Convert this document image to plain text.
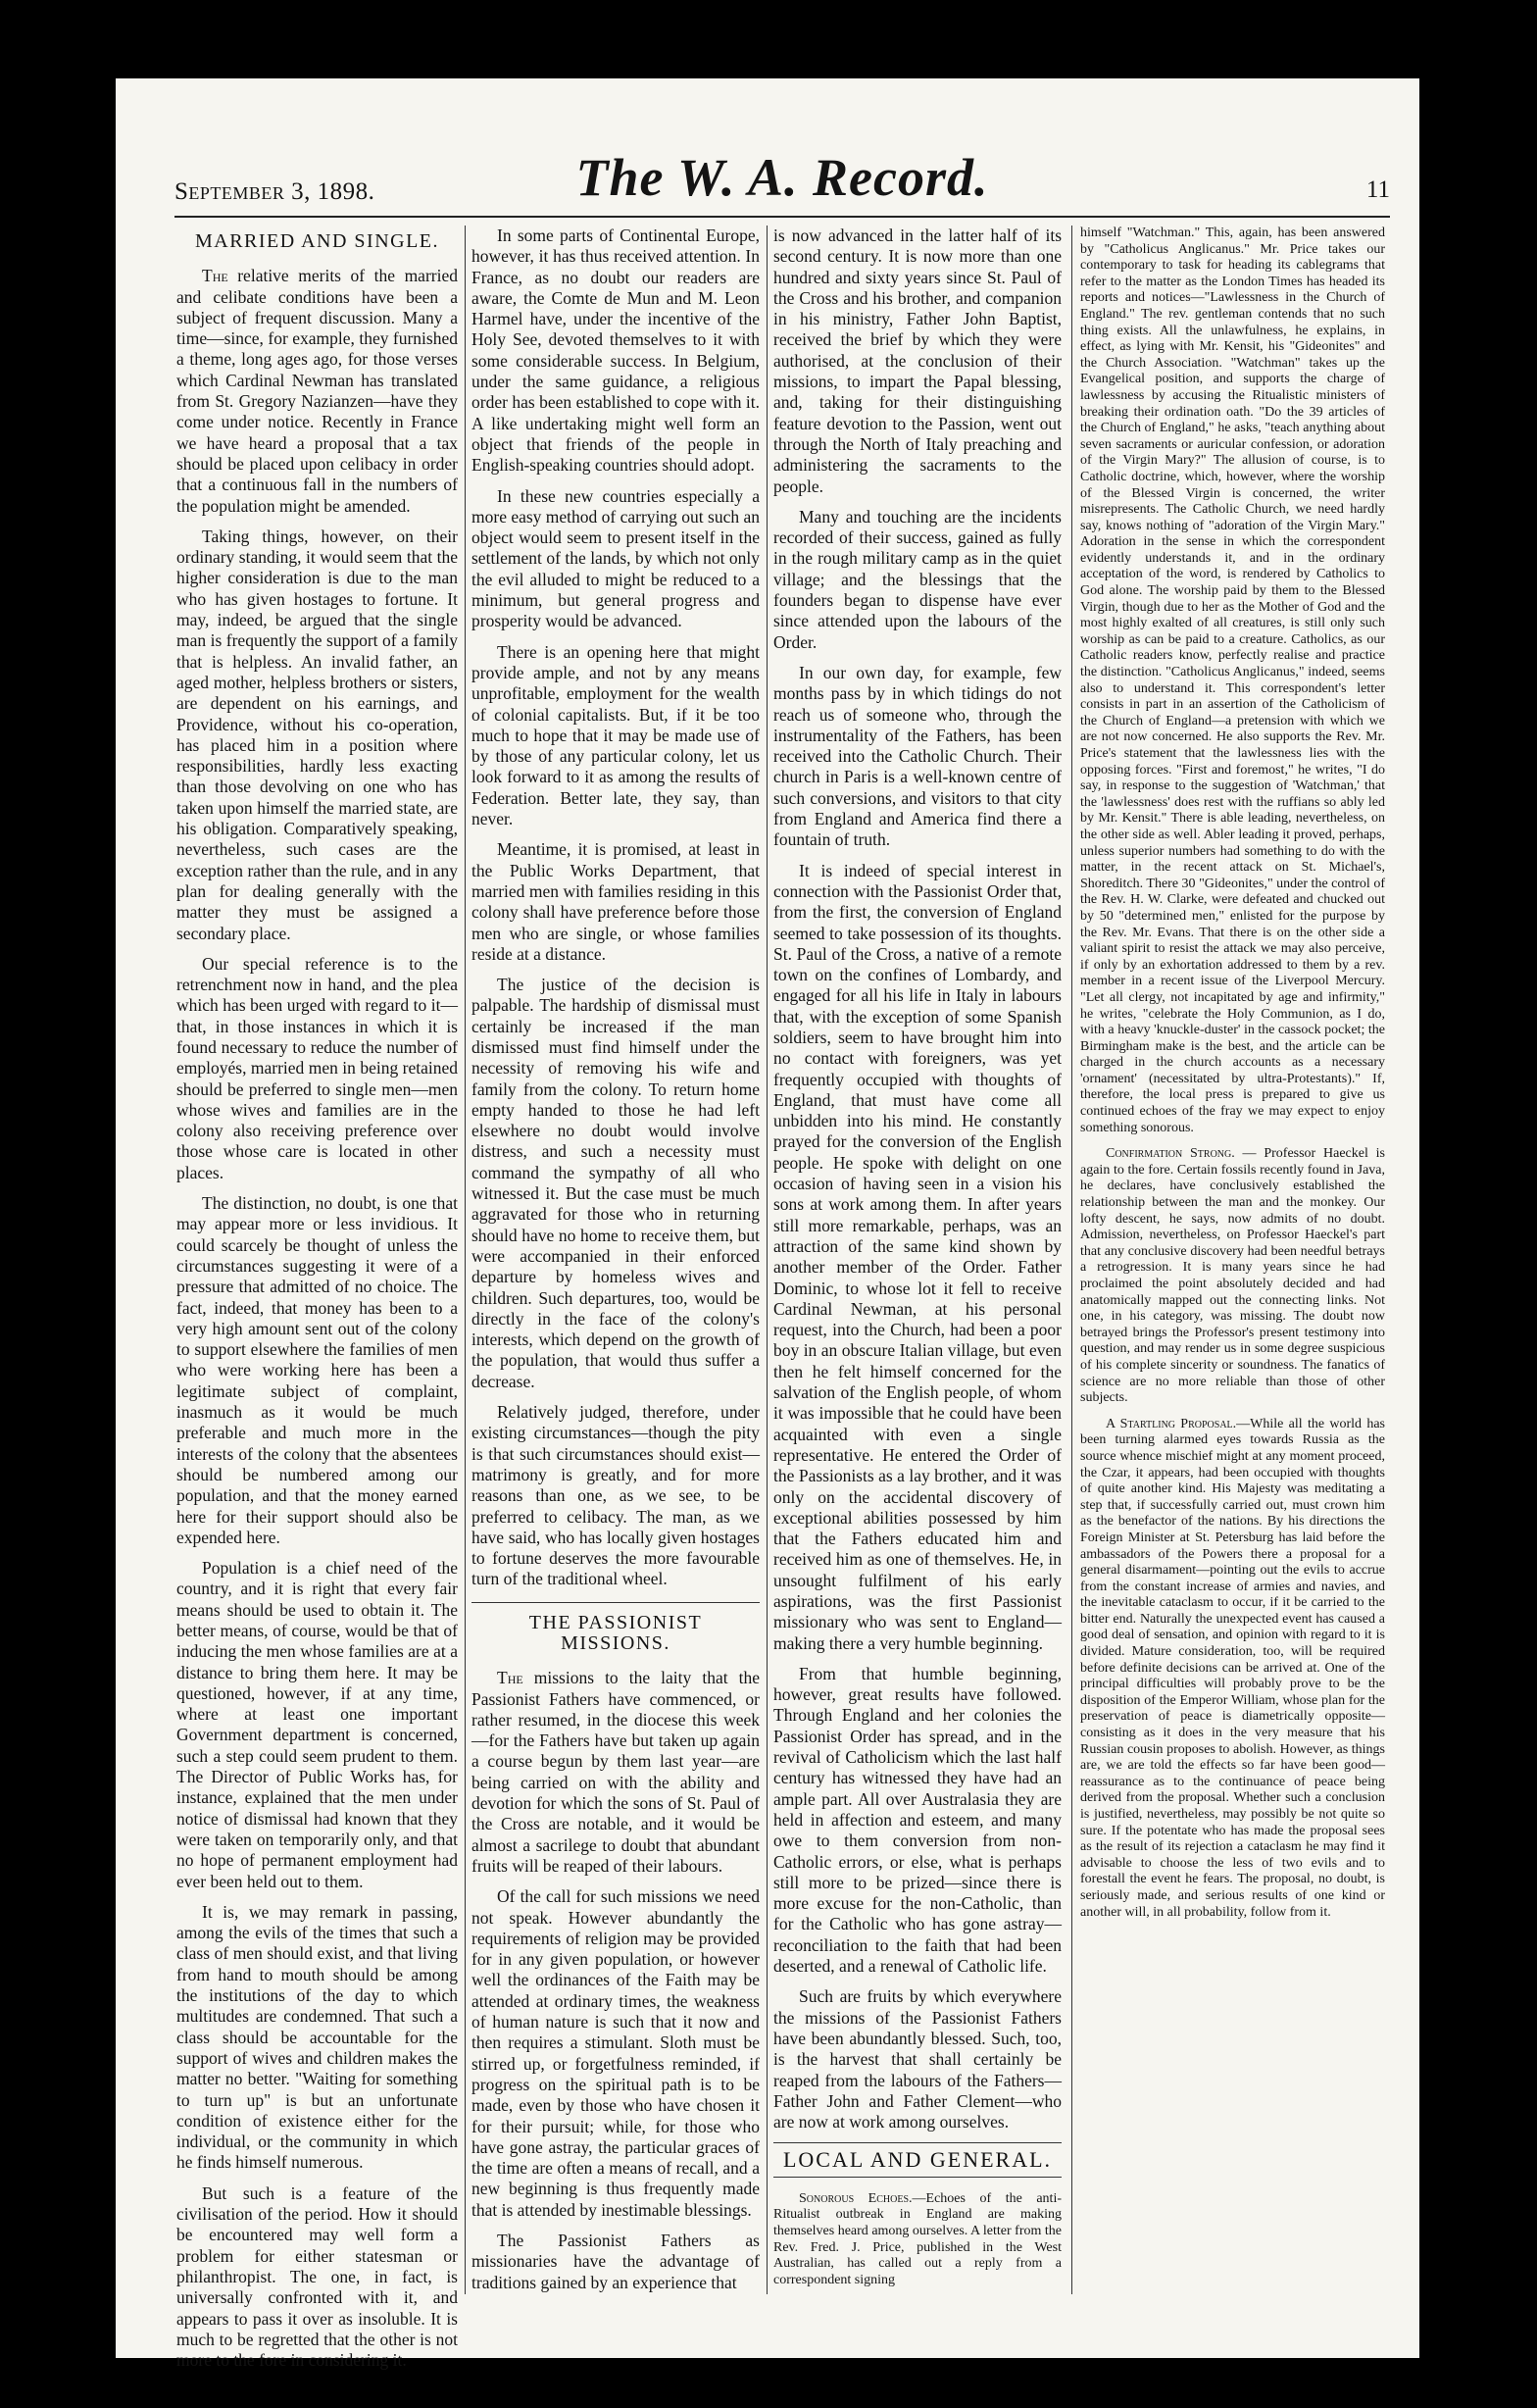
September 3, 1898.	The W. A. Record.	11
MARRIED AND SINGLE.

The relative merits of the married and celibate conditions have been a subject of frequent discussion. Many a time—since, for example, they furnished a theme, long ages ago, for those verses which Cardinal Newman has translated from St. Gregory Nazianzen—have they come under notice. Recently in France we have heard a proposal that a tax should be placed upon celibacy in order that a continuous fall in the numbers of the population might be amended.

Taking things, however, on their ordinary standing, it would seem that the higher consideration is due to the man who has given hostages to fortune. It may, indeed, be argued that the single man is frequently the support of a family that is helpless. An invalid father, an aged mother, helpless brothers or sisters, are dependent on his earnings, and Providence, without his co-operation, has placed him in a position where responsibilities, hardly less exacting than those devolving on one who has taken upon himself the married state, are his obligation. Comparatively speaking, nevertheless, such cases are the exception rather than the rule, and in any plan for dealing generally with the matter they must be assigned a secondary place.

Our special reference is to the retrenchment now in hand, and the plea which has been urged with regard to it—that, in those instances in which it is found necessary to reduce the number of employés, married men in being retained should be preferred to single men—men whose wives and families are in the colony also receiving preference over those whose care is located in other places.

The distinction, no doubt, is one that may appear more or less invidious. It could scarcely be thought of unless the circumstances suggesting it were of a pressure that admitted of no choice. The fact, indeed, that money has been to a very high amount sent out of the colony to support elsewhere the families of men who were working here has been a legitimate subject of complaint, inasmuch as it would be much preferable and much more in the interests of the colony that the absentees should be numbered among our population, and that the money earned here for their support should also be expended here.

Population is a chief need of the country, and it is right that every fair means should be used to obtain it. The better means, of course, would be that of inducing the men whose families are at a distance to bring them here. It may be questioned, however, if at any time, where at least one important Government department is concerned, such a step could seem prudent to them. The Director of Public Works has, for instance, explained that the men under notice of dismissal had known that they were taken on temporarily only, and that no hope of permanent employment had ever been held out to them.

It is, we may remark in passing, among the evils of the times that such a class of men should exist, and that living from hand to mouth should be among the institutions of the day to which multitudes are condemned. That such a class should be accountable for the support of wives and children makes the matter no better. "Waiting for something to turn up" is but an unfortunate condition of existence either for the individual, or the community in which he finds himself numerous.

But such is a feature of the civilisation of the period. How it should be encountered may well form a problem for either statesman or philanthropist. The one, in fact, is universally confronted with it, and appears to pass it over as insoluble. It is much to be regretted that the other is not more to the fore in considering it.

In some parts of Continental Europe, however, it has thus received attention. In France, as no doubt our readers are aware, the Comte de Mun and M. Leon Harmel have, under the incentive of the Holy See, devoted themselves to it with some considerable success. In Belgium, under the same guidance, a religious order has been established to cope with it. A like undertaking might well form an object that friends of the people in English-speaking countries should adopt.

In these new countries especially a more easy method of carrying out such an object would seem to present itself in the settlement of the lands, by which not only the evil alluded to might be reduced to a minimum, but general progress and prosperity would be advanced.

There is an opening here that might provide ample, and not by any means unprofitable, employment for the wealth of colonial capitalists. But, if it be too much to hope that it may be made use of by those of any particular colony, let us look forward to it as among the results of Federation. Better late, they say, than never.

Meantime, it is promised, at least in the Public Works Department, that married men with families residing in this colony shall have preference before those men who are single, or whose families reside at a distance.

The justice of the decision is palpable. The hardship of dismissal must certainly be increased if the man dismissed must find himself under the necessity of removing his wife and family from the colony. To return home empty handed to those he had left elsewhere no doubt would involve distress, and such a necessity must command the sympathy of all who witnessed it. But the case must be much aggravated for those who in returning should have no home to receive them, but were accompanied in their enforced departure by homeless wives and children. Such departures, too, would be directly in the face of the colony's interests, which depend on the growth of the population, that would thus suffer a decrease.

Relatively judged, therefore, under existing circumstances—though the pity is that such circumstances should exist—matrimony is greatly, and for more reasons than one, as we see, to be preferred to celibacy. The man, as we have said, who has locally given hostages to fortune deserves the more favourable turn of the traditional wheel.

THE PASSIONIST MISSIONS.

The missions to the laity that the Passionist Fathers have commenced, or rather resumed, in the diocese this week—for the Fathers have but taken up again a course begun by them last year—are being carried on with the ability and devotion for which the sons of St. Paul of the Cross are notable, and it would be almost a sacrilege to doubt that abundant fruits will be reaped of their labours.

Of the call for such missions we need not speak. However abundantly the requirements of religion may be provided for in any given population, or however well the ordinances of the Faith may be attended at ordinary times, the weakness of human nature is such that it now and then requires a stimulant. Sloth must be stirred up, or forgetfulness reminded, if progress on the spiritual path is to be made, even by those who have chosen it for their pursuit; while, for those who have gone astray, the particular graces of the time are often a means of recall, and a new beginning is thus frequently made that is attended by inestimable blessings.

The Passionist Fathers as missionaries have the advantage of traditions gained by an experience that

is now advanced in the latter half of its second century. It is now more than one hundred and sixty years since St. Paul of the Cross and his brother, and companion in his ministry, Father John Baptist, received the brief by which they were authorised, at the conclusion of their missions, to impart the Papal blessing, and, taking for their distinguishing feature devotion to the Passion, went out through the North of Italy preaching and administering the sacraments to the people.

Many and touching are the incidents recorded of their success, gained as fully in the rough military camp as in the quiet village; and the blessings that the founders began to dispense have ever since attended upon the labours of the Order.

In our own day, for example, few months pass by in which tidings do not reach us of someone who, through the instrumentality of the Fathers, has been received into the Catholic Church. Their church in Paris is a well-known centre of such conversions, and visitors to that city from England and America find there a fountain of truth.

It is indeed of special interest in connection with the Passionist Order that, from the first, the conversion of England seemed to take possession of its thoughts. St. Paul of the Cross, a native of a remote town on the confines of Lombardy, and engaged for all his life in Italy in labours that, with the exception of some Spanish soldiers, seem to have brought him into no contact with foreigners, was yet frequently occupied with thoughts of England, that must have come all unbidden into his mind. He constantly prayed for the conversion of the English people. He spoke with delight on one occasion of having seen in a vision his sons at work among them. In after years still more remarkable, perhaps, was an attraction of the same kind shown by another member of the Order. Father Dominic, to whose lot it fell to receive Cardinal Newman, at his personal request, into the Church, had been a poor boy in an obscure Italian village, but even then he felt himself concerned for the salvation of the English people, of whom it was impossible that he could have been acquainted with even a single representative. He entered the Order of the Passionists as a lay brother, and it was only on the accidental discovery of exceptional abilities possessed by him that the Fathers educated him and received him as one of themselves. He, in unsought fulfilment of his early aspirations, was the first Passionist missionary who was sent to England—making there a very humble beginning.

From that humble beginning, however, great results have followed. Through England and her colonies the Passionist Order has spread, and in the revival of Catholicism which the last half century has witnessed they have had an ample part. All over Australasia they are held in affection and esteem, and many owe to them conversion from non-Catholic errors, or else, what is perhaps still more to be prized—since there is more excuse for the non-Catholic, than for the Catholic who has gone astray—reconciliation to the faith that had been deserted, and a renewal of Catholic life.

Such are fruits by which everywhere the missions of the Passionist Fathers have been abundantly blessed. Such, too, is the harvest that shall certainly be reaped from the labours of the Fathers—Father John and Father Clement—who are now at work among ourselves.

LOCAL AND GENERAL.

Sonorous Echoes.—Echoes of the anti-Ritualist outbreak in England are making themselves heard among ourselves. A letter from the Rev. Fred. J. Price, published in the West Australian, has called out a reply from a correspondent signing

himself "Watchman." This, again, has been answered by "Catholicus Anglicanus." Mr. Price takes our contemporary to task for heading its cablegrams that refer to the matter as the London Times has headed its reports and notices—"Lawlessness in the Church of England." The rev. gentleman contends that no such thing exists. All the unlawfulness, he explains, in effect, as lying with Mr. Kensit, his "Gideonites" and the Church Association. "Watchman" takes up the Evangelical position, and supports the charge of lawlessness by accusing the Ritualistic ministers of breaking their ordination oath. "Do the 39 articles of the Church of England," he asks, "teach anything about seven sacraments or auricular confession, or adoration of the Virgin Mary?" The allusion of course, is to Catholic doctrine, which, however, where the worship of the Blessed Virgin is concerned, the writer misrepresents. The Catholic Church, we need hardly say, knows nothing of "adoration of the Virgin Mary." Adoration in the sense in which the correspondent evidently understands it, and in the ordinary acceptation of the word, is rendered by Catholics to God alone. The worship paid by them to the Blessed Virgin, though due to her as the Mother of God and the most highly exalted of all creatures, is still only such worship as can be paid to a creature. Catholics, as our Catholic readers know, perfectly realise and practice the distinction. "Catholicus Anglicanus," indeed, seems also to understand it. This correspondent's letter consists in part in an assertion of the Catholicism of the Church of England—a pretension with which we are not now concerned. He also supports the Rev. Mr. Price's statement that the lawlessness lies with the opposing forces. "First and foremost," he writes, "I do say, in response to the suggestion of 'Watchman,' that the 'lawlessness' does rest with the ruffians so ably led by Mr. Kensit." There is able leading, nevertheless, on the other side as well. Abler leading it proved, perhaps, unless superior numbers had something to do with the matter, in the recent attack on St. Michael's, Shoreditch. There 30 "Gideonites," under the control of the Rev. H. W. Clarke, were defeated and chucked out by 50 "determined men," enlisted for the purpose by the Rev. Mr. Evans. That there is on the other side a valiant spirit to resist the attack we may also perceive, if only by an exhortation addressed to them by a rev. member in a recent issue of the Liverpool Mercury. "Let all clergy, not incapitated by age and infirmity," he writes, "celebrate the Holy Communion, as I do, with a heavy 'knuckle-duster' in the cassock pocket; the Birmingham make is the best, and the article can be charged in the church accounts as a necessary 'ornament' (necessitated by ultra-Protestants)." If, therefore, the local press is prepared to give us continued echoes of the fray we may expect to enjoy something sonorous.

Confirmation Strong. — Professor Haeckel is again to the fore. Certain fossils recently found in Java, he declares, have conclusively established the relationship between the man and the monkey. Our lofty descent, he says, now admits of no doubt. Admission, nevertheless, on Professor Haeckel's part that any conclusive discovery had been needful betrays a retrogression. It is many years since he had proclaimed the point absolutely decided and had anatomically mapped out the connecting links. Not one, in his category, was missing. The doubt now betrayed brings the Professor's present testimony into question, and may render us in some degree suspicious of his complete sincerity or soundness. The fanatics of science are no more reliable than those of other subjects.

A Startling Proposal.—While all the world has been turning alarmed eyes towards Russia as the source whence mischief might at any moment proceed, the Czar, it appears, had been occupied with thoughts of quite another kind. His Majesty was meditating a step that, if successfully carried out, must crown him as the benefactor of the nations. By his directions the Foreign Minister at St. Petersburg has laid before the ambassadors of the Powers there a proposal for a general disarmament—pointing out the evils to accrue from the constant increase of armies and navies, and the inevitable cataclasm to occur, if it be carried to the bitter end. Naturally the unexpected event has caused a good deal of sensation, and opinion with regard to it is divided. Mature consideration, too, will be required before definite decisions can be arrived at. One of the principal difficulties will probably prove to be the disposition of the Emperor William, whose plan for the preservation of peace is diametrically opposite—consisting as it does in the very measure that his Russian cousin proposes to abolish. However, as things are, we are told the effects so far have been good—reassurance as to the continuance of peace being derived from the proposal. Whether such a conclusion is justified, nevertheless, may possibly be not quite so sure. If the potentate who has made the proposal sees as the result of its rejection a cataclasm he may find it advisable to choose the less of two evils and to forestall the event he fears. The proposal, no doubt, is seriously made, and serious results of one kind or another will, in all probability, follow from it.
